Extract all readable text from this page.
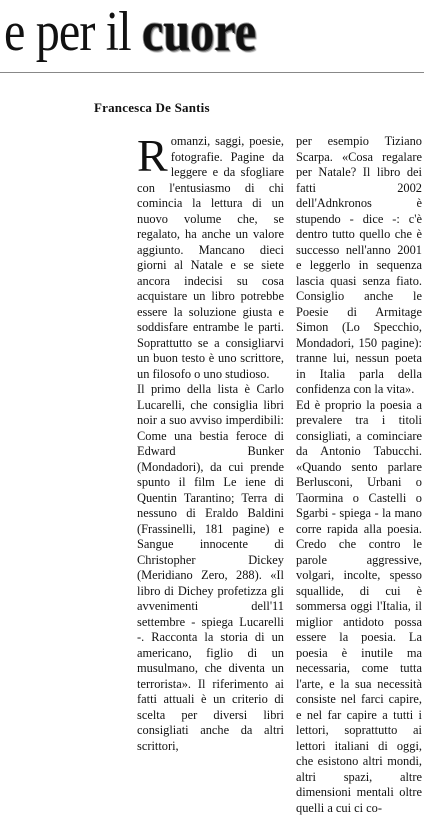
e per il cuore
Francesca De Santis

Romanzi, saggi, poesie, fotografie. Pagine da leggere e da sfogliare con l'entusiasmo di chi comincia la lettura di un nuovo volume che, se regalato, ha anche un valore aggiunto. Mancano dieci giorni al Natale e se siete ancora indecisi su cosa acquistare un libro potrebbe essere la soluzione giusta e soddisfare entrambe le parti. Soprattutto se a consigliarvi un buon testo è uno scrittore, un filosofo o uno studioso.

Il primo della lista è Carlo Lucarelli, che consiglia libri noir a suo avviso imperdibili: Come una bestia feroce di Edward Bunker (Mondadori), da cui prende spunto il film Le iene di Quentin Tarantino; Terra di nessuno di Eraldo Baldini (Frassinelli, 181 pagine) e Sangue innocente di Christopher Dickey (Meridiano Zero, 288). «Il libro di Dichey profetizza gli avvenimenti dell'11 settembre - spiega Lucarelli -. Racconta la storia di un americano, figlio di un musulmano, che diventa un terrorista». Il riferimento ai fatti attuali è un criterio di scelta per diversi libri consigliati anche da altri scrittori,

per esempio Tiziano Scarpa. «Cosa regalare per Natale? Il libro dei fatti 2002 dell'Adnkronos è stupendo - dice -: c'è dentro tutto quello che è successo nell'anno 2001 e leggerlo in sequenza lascia quasi senza fiato. Consiglio anche le Poesie di Armitage Simon (Lo Specchio, Mondadori, 150 pagine): tranne lui, nessun poeta in Italia parla della confidenza con la vita».

Ed è proprio la poesia a prevalere tra i titoli consigliati, a cominciare da Antonio Tabucchi. «Quando sento parlare Berlusconi, Urbani o Taormina o Castelli o Sgarbi - spiega - la mano corre rapida alla poesia. Credo che contro le parole aggressive, volgari, incolte, spesso squallide, di cui è sommersa oggi l'Italia, il miglior antidoto possa essere la poesia. La poesia è inutile ma necessaria, come tutta l'arte, e la sua necessità consiste nel farci capire, e nel far capire a tutti i lettori, soprattutto ai lettori italiani di oggi, che esistono altri mondi, altri spazi, altre dimensioni mentali oltre quelli a cui ci co-
